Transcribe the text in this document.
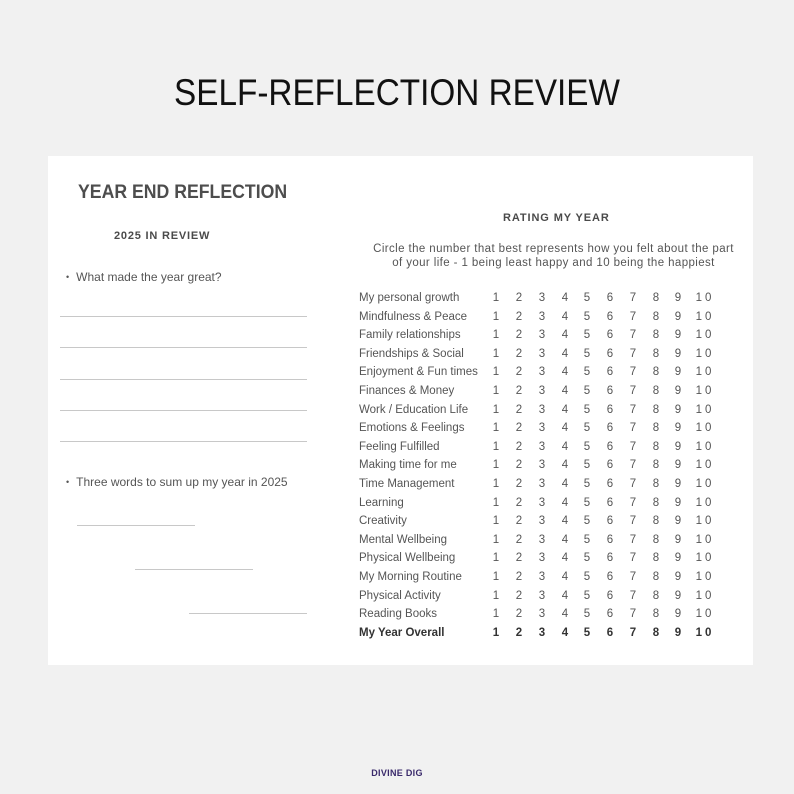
SELF-REFLECTION REVIEW
YEAR END REFLECTION
2025 IN REVIEW
• What made the year great?
• Three words to sum up my year in 2025
RATING MY YEAR
Circle the number that best represents how you felt about the part
of your life - 1 being least happy and 10 being the happiest
My personal growth	1	2	3	4	5	6	7	8	9	10
Mindfulness & Peace	1	2	3	4	5	6	7	8	9	10
Family relationships	1	2	3	4	5	6	7	8	9	10
Friendships & Social	1	2	3	4	5	6	7	8	9	10
Enjoyment & Fun times	1	2	3	4	5	6	7	8	9	10
Finances & Money	1	2	3	4	5	6	7	8	9	10
Work / Education Life	1	2	3	4	5	6	7	8	9	10
Emotions & Feelings	1	2	3	4	5	6	7	8	9	10
Feeling Fulfilled	1	2	3	4	5	6	7	8	9	10
Making time for me	1	2	3	4	5	6	7	8	9	10
Time Management	1	2	3	4	5	6	7	8	9	10
Learning	1	2	3	4	5	6	7	8	9	10
Creativity	1	2	3	4	5	6	7	8	9	10
Mental Wellbeing	1	2	3	4	5	6	7	8	9	10
Physical Wellbeing	1	2	3	4	5	6	7	8	9	10
My Morning Routine	1	2	3	4	5	6	7	8	9	10
Physical Activity	1	2	3	4	5	6	7	8	9	10
Reading Books	1	2	3	4	5	6	7	8	9	10
My Year Overall	1	2	3	4	5	6	7	8	9	10
DIVINE DIG
